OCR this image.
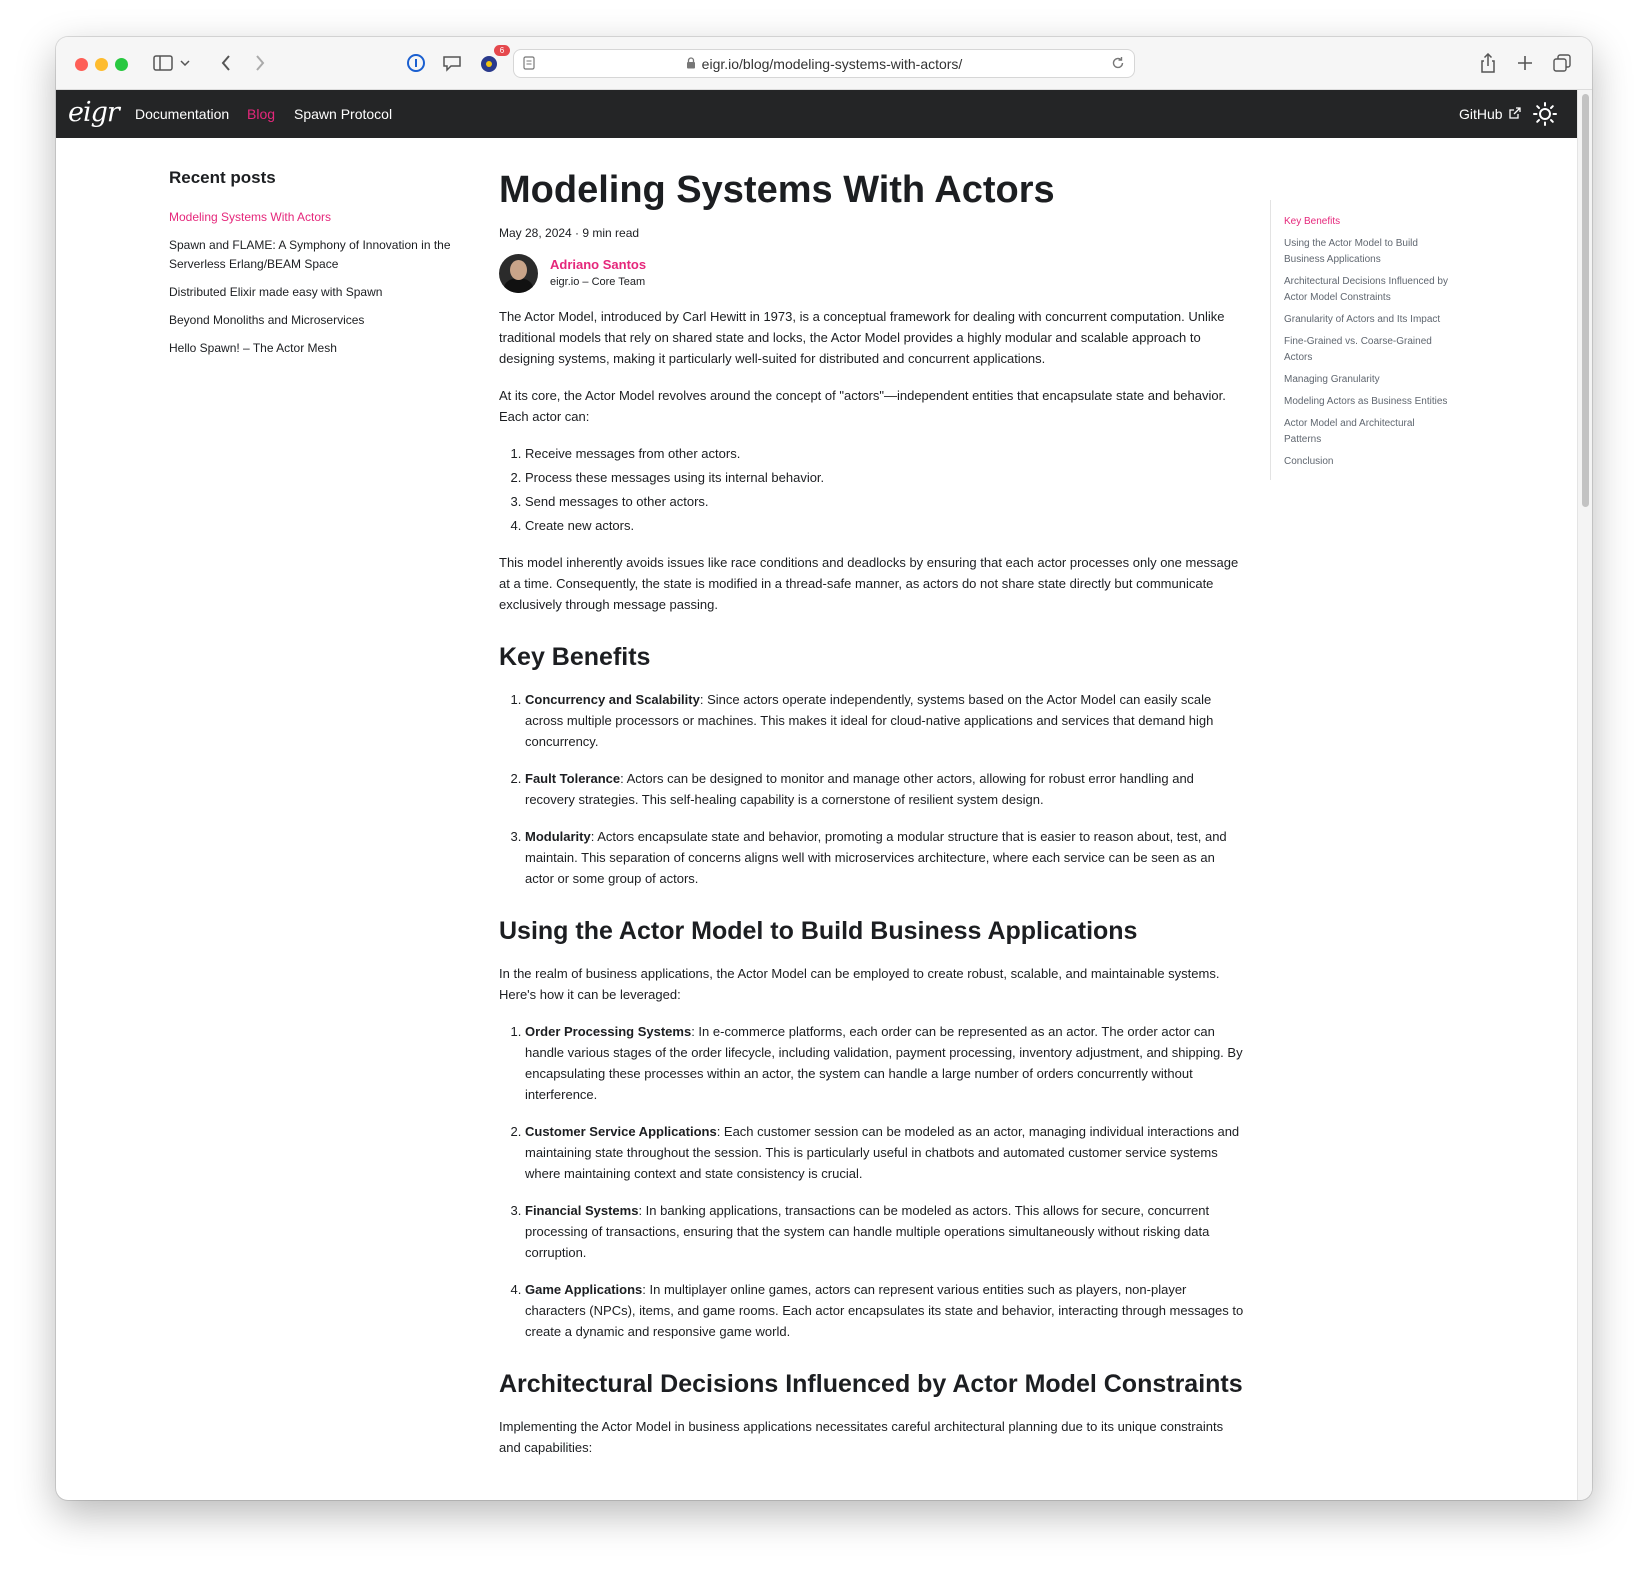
6
eigr.io/blog/modeling-systems-with-actors/
eigr Documentation Blog Spawn Protocol	GitHub
Recent posts
Modeling Systems With Actors
Spawn and FLAME: A Symphony of Innovation in the Serverless Erlang/BEAM Space
Distributed Elixir made easy with Spawn
Beyond Monoliths and Microservices
Hello Spawn! – The Actor Mesh
Modeling Systems With Actors
May 28, 2024 · 9 min read
Adriano Santos
eigr.io – Core Team

The Actor Model, introduced by Carl Hewitt in 1973, is a conceptual framework for dealing with concurrent computation. Unlike traditional models that rely on shared state and locks, the Actor Model provides a highly modular and scalable approach to designing systems, making it particularly well-suited for distributed and concurrent applications.

At its core, the Actor Model revolves around the concept of "actors"—independent entities that encapsulate state and behavior. Each actor can:

1. Receive messages from other actors.
2. Process these messages using its internal behavior.
3. Send messages to other actors.
4. Create new actors.

This model inherently avoids issues like race conditions and deadlocks by ensuring that each actor processes only one message at a time. Consequently, the state is modified in a thread-safe manner, as actors do not share state directly but communicate exclusively through message passing.

Key Benefits
1. Concurrency and Scalability: Since actors operate independently, systems based on the Actor Model can easily scale across multiple processors or machines. This makes it ideal for cloud-native applications and services that demand high concurrency.
2. Fault Tolerance: Actors can be designed to monitor and manage other actors, allowing for robust error handling and recovery strategies. This self-healing capability is a cornerstone of resilient system design.
3. Modularity: Actors encapsulate state and behavior, promoting a modular structure that is easier to reason about, test, and maintain. This separation of concerns aligns well with microservices architecture, where each service can be seen as an actor or some group of actors.
Using the Actor Model to Build Business Applications

In the realm of business applications, the Actor Model can be employed to create robust, scalable, and maintainable systems. Here's how it can be leveraged:

1. Order Processing Systems: In e-commerce platforms, each order can be represented as an actor. The order actor can handle various stages of the order lifecycle, including validation, payment processing, inventory adjustment, and shipping. By encapsulating these processes within an actor, the system can handle a large number of orders concurrently without interference.
2. Customer Service Applications: Each customer session can be modeled as an actor, managing individual interactions and maintaining state throughout the session. This is particularly useful in chatbots and automated customer service systems where maintaining context and state consistency is crucial.
3. Financial Systems: In banking applications, transactions can be modeled as actors. This allows for secure, concurrent processing of transactions, ensuring that the system can handle multiple operations simultaneously without risking data corruption.
4. Game Applications: In multiplayer online games, actors can represent various entities such as players, non-player characters (NPCs), items, and game rooms. Each actor encapsulates its state and behavior, interacting through messages to create a dynamic and responsive game world.
Architectural Decisions Influenced by Actor Model Constraints

Implementing the Actor Model in business applications necessitates careful architectural planning due to its unique constraints and capabilities:

Key Benefits
Using the Actor Model to Build Business Applications
Architectural Decisions Influenced by Actor Model Constraints
Granularity of Actors and Its Impact
Fine-Grained vs. Coarse-Grained Actors
Managing Granularity
Modeling Actors as Business Entities
Actor Model and Architectural Patterns
Conclusion
